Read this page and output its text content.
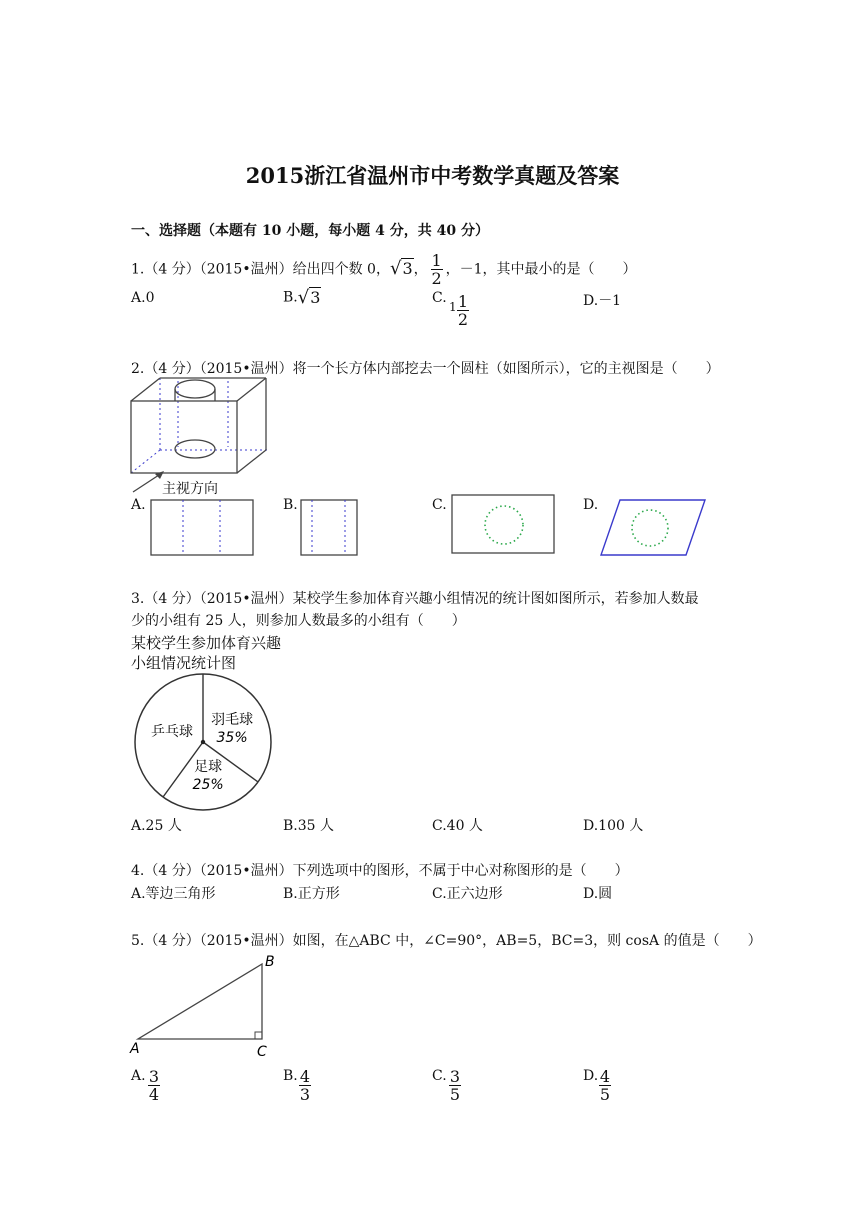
2015浙江省温州市中考数学真题及答案
一、选择题（本题有 10 小题，每小题 4 分，共 40 分）
1.（4 分）（2015•温州）给出四个数 0，√3， $\frac{1}{2}$ ，－1，其中最小的是（　　）
A.0	B.√3	C.
$1 \frac{1}{2}$	D.－1
2.（4 分）（2015•温州）将一个长方体内部挖去一个圆柱（如图所示），它的主视图是（　　）
主视方向
A.	B.	C.	D.
3.（4 分）（2015•温州）某校学生参加体育兴趣小组情况的统计图如图所示，若参加人数最
少的小组有 25 人，则参加人数最多的小组有（　　）
某校学生参加体育兴趣
小组情况统计图
羽毛球
35%
足球
25%
乒乓球
A.25 人	B.35 人	C.40 人	D.100 人
4.（4 分）（2015•温州）下列选项中的图形，不属于中心对称图形的是（　　）
A.等边三角形	B.正方形	C.正六边形	D.圆
5.（4 分）（2015•温州）如图，在△ABC 中，∠C=90°，AB=5，BC=3，则 cosA 的值是（　　）
A
B
C
A. $\frac{3}{4}$	B. $\frac{4}{3}$	C. $\frac{3}{5}$	D. $\frac{4}{5}$
